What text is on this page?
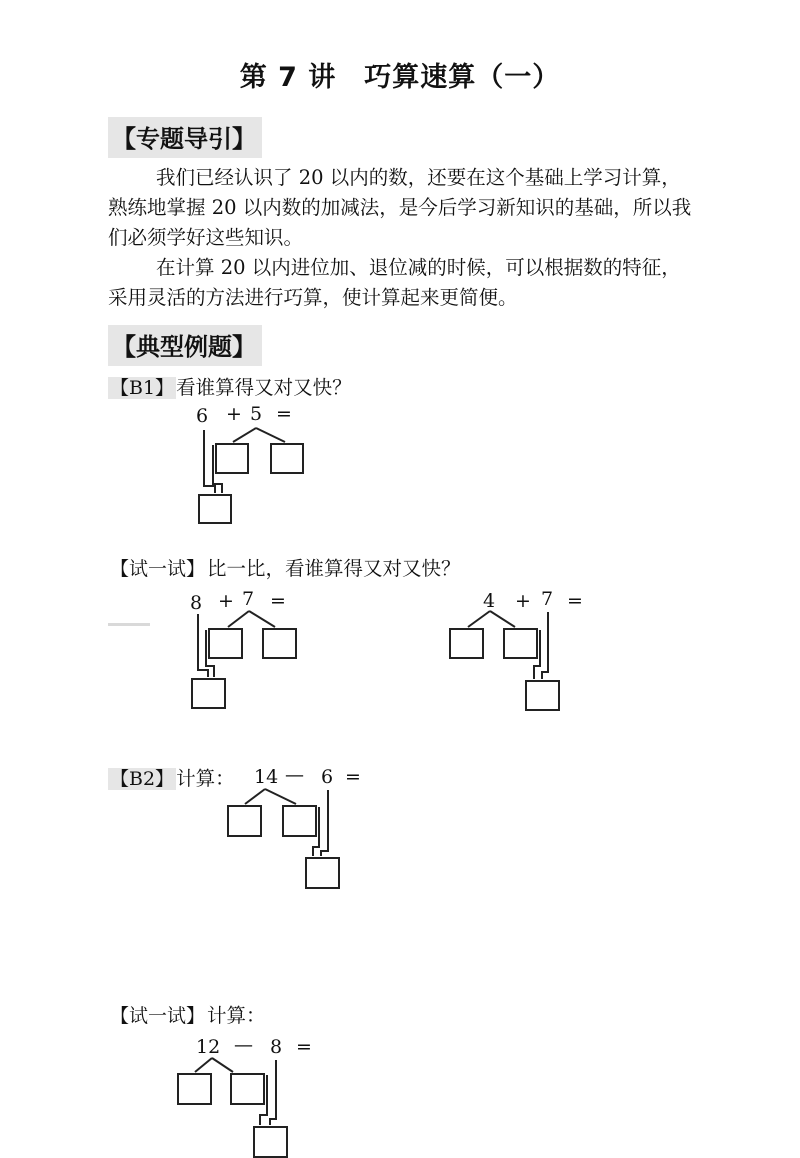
第 7 讲　巧算速算（一）
【专题导引】

我们已经认识了 20 以内的数，还要在这个基础上学习计算，熟练地掌握 20 以内数的加减法，是今后学习新知识的基础，所以我们必须学好这些知识。

在计算 20 以内进位加、退位减的时候，可以根据数的特征，采用灵活的方法进行巧算，使计算起来更简便。

【典型例题】
【B1】 看谁算得又对又快？
6 + 5 =
【试一试】 比一比，看谁算得又对又快？
8 + 7 =	4 + 7 =
【B2】 计算： 14 — 6 =
【试一试】 计算：
12 — 8 =
